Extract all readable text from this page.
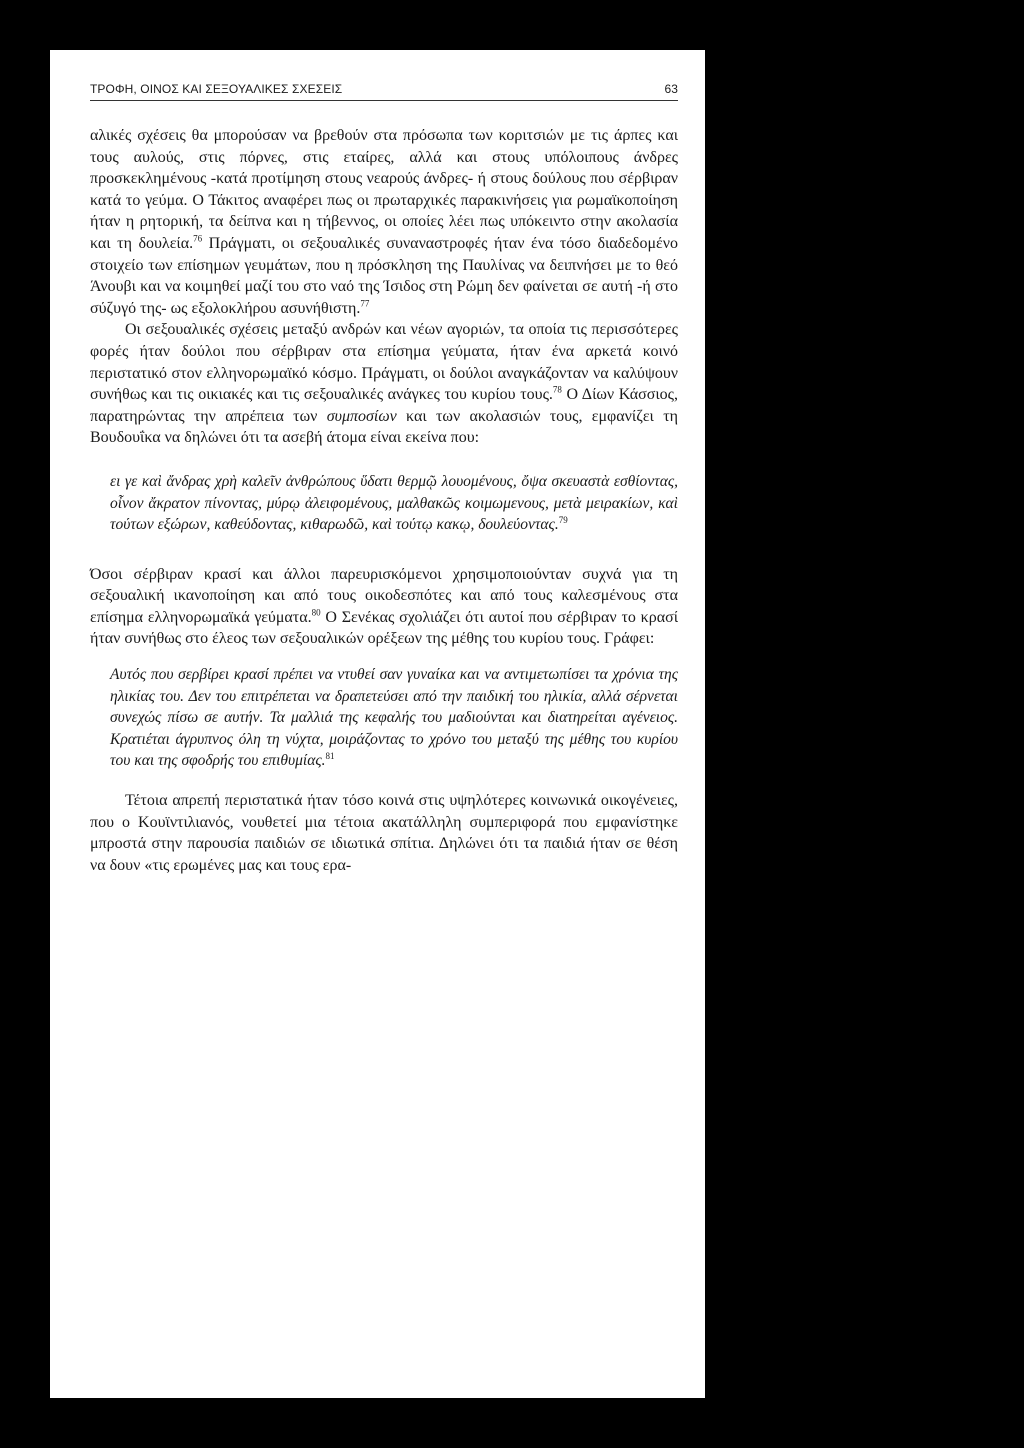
ΤΡΟΦΗ, ΟΙΝΟΣ ΚΑΙ ΣΕΞΟΥΑΛΙΚΕΣ ΣΧΕΣΕΙΣ	63

αλικές σχέσεις θα μπορούσαν να βρεθούν στα πρόσωπα των κοριτσιών με τις άρπες και τους αυλούς, στις πόρνες, στις εταίρες, αλλά και στους υπόλοιπους άνδρες προσκεκλημένους -κατά προτίμηση στους νεαρούς άνδρες- ή στους δούλους που σέρβιραν κατά το γεύμα. Ο Τάκιτος αναφέρει πως οι πρωταρχικές παρακινήσεις για ρωμαϊκοποίηση ήταν η ρητορική, τα δείπνα και η τήβεννος, οι οποίες λέει πως υπόκειντο στην ακολασία και τη δουλεία.$^{76}$ Πράγματι, οι σεξουαλικές συναναστροφές ήταν ένα τόσο διαδεδομένο στοιχείο των επίσημων γευμάτων, που η πρόσκληση της Παυλίνας να δειπνήσει με το θεό Άνουβι και να κοιμηθεί μαζί του στο ναό της Ίσιδος στη Ρώμη δεν φαίνεται σε αυτή -ή στο σύζυγό της- ως εξολοκλήρου ασυνήθιστη.$^{77}$

Οι σεξουαλικές σχέσεις μεταξύ ανδρών και νέων αγοριών, τα οποία τις περισσότερες φορές ήταν δούλοι που σέρβιραν στα επίσημα γεύματα, ήταν ένα αρκετά κοινό περιστατικό στον ελληνορωμαϊκό κόσμο. Πράγματι, οι δούλοι αναγκάζονταν να καλύψουν συνήθως και τις οικιακές και τις σεξουαλικές ανάγκες του κυρίου τους.$^{78}$ Ο Δίων Κάσσιος, παρατηρώντας την απρέπεια των συμποσίων και των ακολασιών τους, εμφανίζει τη Βουδουΐκα να δηλώνει ότι τα ασεβή άτομα είναι εκείνα που:

ει γε καὶ ἄνδρας χρὴ καλεῖν ἀνθρώπους ὕδατι θερμῷ λουομένους, ὄψα σκευαστὰ εσθίοντας, οἶνον ἄκρατον πίνοντας, μύρῳ ἀλειφομένους, μαλθακῶς κοιμωμενους, μετὰ μειρακίων, καὶ τούτων εξώρων, καθεύδοντας, κιθαρωδῶ, καὶ τούτῳ κακῳ, δουλεύοντας.$^{79}$

Όσοι σέρβιραν κρασί και άλλοι παρευρισκόμενοι χρησιμοποιούνταν συχνά για τη σεξουαλική ικανοποίηση και από τους οικοδεσπότες και από τους καλεσμένους στα επίσημα ελληνορωμαϊκά γεύματα.$^{80}$ Ο Σενέκας σχολιάζει ότι αυτοί που σέρβιραν το κρασί ήταν συνήθως στο έλεος των σεξουαλικών ορέξεων της μέθης του κυρίου τους. Γράφει:

Αυτός που σερβίρει κρασί πρέπει να ντυθεί σαν γυναίκα και να αντιμετωπίσει τα χρόνια της ηλικίας του. Δεν του επιτρέπεται να δραπετεύσει από την παιδική του ηλικία, αλλά σέρνεται συνεχώς πίσω σε αυτήν. Τα μαλλιά της κεφαλής του μαδιούνται και διατηρείται αγένειος. Κρατιέται άγρυπνος όλη τη νύχτα, μοιράζοντας το χρόνο του μεταξύ της μέθης του κυρίου του και της σφοδρής του επιθυμίας.$^{81}$

Τέτοια απρεπή περιστατικά ήταν τόσο κοινά στις υψηλότερες κοινωνικά οικογένειες, που ο Κουϊντιλιανός, νουθετεί μια τέτοια ακατάλληλη συμπεριφορά που εμφανίστηκε μπροστά στην παρουσία παιδιών σε ιδιωτικά σπίτια. Δηλώνει ότι τα παιδιά ήταν σε θέση να δουν «τις ερωμένες μας και τους ερα-
